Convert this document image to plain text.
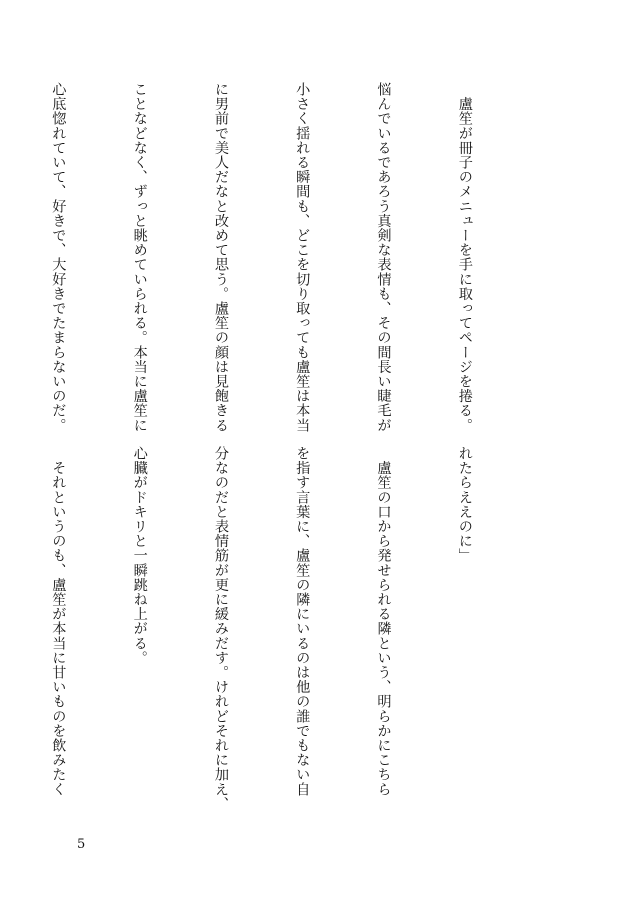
　盧笙が冊子のメニューを手に取ってページを捲る。

悩んでいるであろう真剣な表情も、その間長い睫毛が

小さく揺れる瞬間も、どこを切り取っても盧笙は本当

に男前で美人だなと改めて思う。盧笙の顔は見飽きる

ことなどなく、ずっと眺めていられる。本当に盧笙に

心底惚れていて、好きで、大好きでたまらないのだ。

れたらええのに」

　盧笙の口から発せられる隣という、明らかにこちら

を指す言葉に、盧笙の隣にいるのは他の誰でもない自

分なのだと表情筋が更に緩みだす。けれどそれに加え、

心臓がドキリと一瞬跳ね上がる。

　それというのも、盧笙が本当に甘いものを飲みたく

5
